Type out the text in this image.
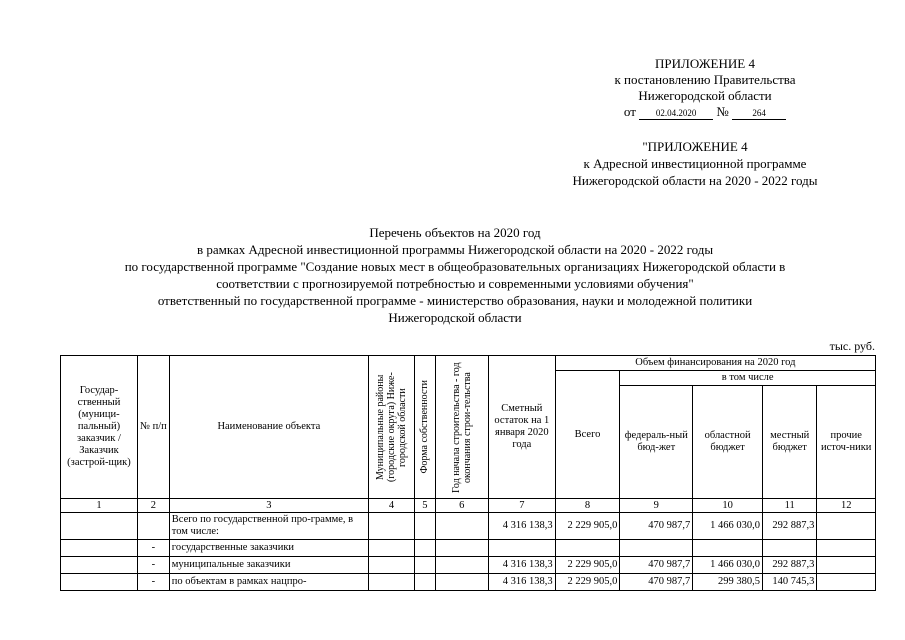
ПРИЛОЖЕНИЕ 4
к постановлению Правительства
Нижегородской области
от 02.04.2020 №	264
"ПРИЛОЖЕНИЕ 4
к Адресной инвестиционной программе
Нижегородской области на 2020 - 2022 годы
Перечень объектов на 2020 год
в рамках Адресной инвестиционной программы Нижегородской области на 2020 - 2022 годы
по государственной программе "Создание новых мест в общеобразовательных организациях Нижегородской области в
соответствии с прогнозируемой потребностью и современными условиями обучения"
ответственный по государственной программе - министерство образования, науки и молодежной политики
Нижегородской области
тыс. руб.
Государ-ственный (муници-пальный) заказчик / Заказчик (застрой-щик)	№ п/п	Наименование объекта	Муниципальные районы (городские округа) Ниже-городской области	Форма собственности	Год начала строительства - год окончания строи-тельства	Сметный остаток на 1 января 2020 года	Объем финансирования на 2020 год				
							Всего	в том числе			
								федераль-ный бюд-жет	областной бюджет	местный бюджет	прочие источ-ники
1	2	3	4	5	6	7	8	9	10	11	12
		Всего по государственной про-грамме, в том числе:				4 316 138,3	2 229 905,0	470 987,7	1 466 030,0	292 887,3	
	-	государственные заказчики									
	-	муниципальные заказчики				4 316 138,3	2 229 905,0	470 987,7	1 466 030,0	292 887,3	
	-	по объектам в рамках нацпро-				4 316 138,3	2 229 905,0	470 987,7	299 380,5	140 745,3	
